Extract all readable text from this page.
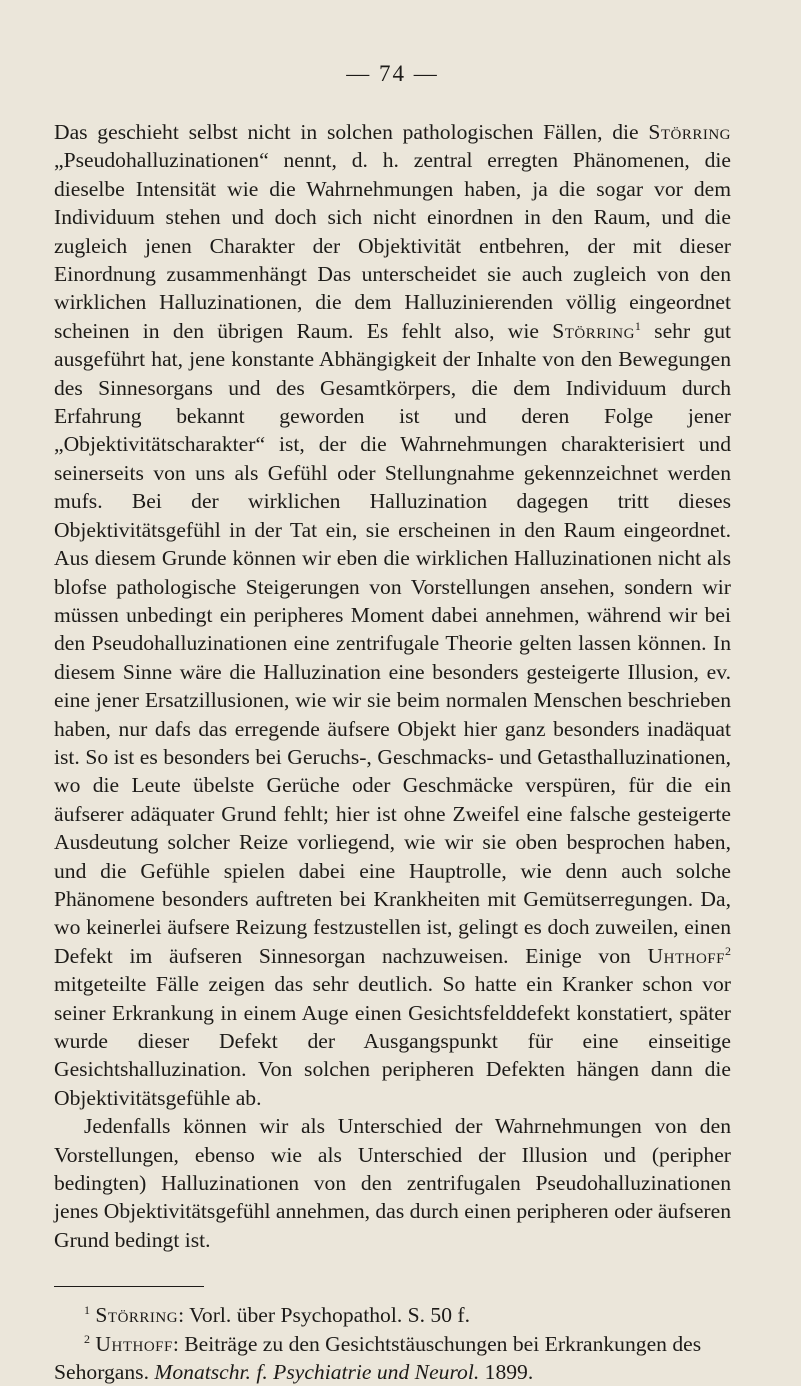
— 74 —

Das geschieht selbst nicht in solchen pathologischen Fällen, die Störring „Pseudohalluzinationen“ nennt, d. h. zentral erregten Phänomenen, die dieselbe Intensität wie die Wahrnehmungen haben, ja die sogar vor dem Individuum stehen und doch sich nicht einordnen in den Raum, und die zugleich jenen Charakter der Objektivität entbehren, der mit dieser Einordnung zusammenhängt Das unterscheidet sie auch zugleich von den wirklichen Halluzinationen, die dem Halluzinierenden völlig eingeordnet scheinen in den übrigen Raum. Es fehlt also, wie Störring$^1$ sehr gut ausgeführt hat, jene konstante Abhängigkeit der Inhalte von den Bewegungen des Sinnesorgans und des Gesamtkörpers, die dem Individuum durch Erfahrung bekannt geworden ist und deren Folge jener „Objektivitätscharakter“ ist, der die Wahrnehmungen charakterisiert und seinerseits von uns als Gefühl oder Stellungnahme gekennzeichnet werden mufs. Bei der wirklichen Halluzination dagegen tritt dieses Objektivitätsgefühl in der Tat ein, sie erscheinen in den Raum eingeordnet. Aus diesem Grunde können wir eben die wirklichen Halluzinationen nicht als blofse pathologische Steigerungen von Vorstellungen ansehen, sondern wir müssen unbedingt ein peripheres Moment dabei annehmen, während wir bei den Pseudohalluzinationen eine zentrifugale Theorie gelten lassen können. In diesem Sinne wäre die Halluzination eine besonders gesteigerte Illusion, ev. eine jener Ersatzillusionen, wie wir sie beim normalen Menschen beschrieben haben, nur dafs das erregende äufsere Objekt hier ganz besonders inadäquat ist. So ist es besonders bei Geruchs-, Geschmacks- und Getasthalluzinationen, wo die Leute übelste Gerüche oder Geschmäcke verspüren, für die ein äufserer adäquater Grund fehlt; hier ist ohne Zweifel eine falsche gesteigerte Ausdeutung solcher Reize vorliegend, wie wir sie oben besprochen haben, und die Gefühle spielen dabei eine Hauptrolle, wie denn auch solche Phänomene besonders auftreten bei Krankheiten mit Gemütserregungen. Da, wo keinerlei äufsere Reizung festzustellen ist, gelingt es doch zuweilen, einen Defekt im äufseren Sinnesorgan nachzuweisen. Einige von Uhthoff$^2$ mitgeteilte Fälle zeigen das sehr deutlich. So hatte ein Kranker schon vor seiner Erkrankung in einem Auge einen Gesichtsfelddefekt konstatiert, später wurde dieser Defekt der Ausgangspunkt für eine einseitige Gesichtshalluzination. Von solchen peripheren Defekten hängen dann die Objektivitätsgefühle ab.

Jedenfalls können wir als Unterschied der Wahrnehmungen von den Vorstellungen, ebenso wie als Unterschied der Illusion und (peripher bedingten) Halluzinationen von den zentrifugalen Pseudohalluzinationen jenes Objektivitätsgefühl annehmen, das durch einen peripheren oder äufseren Grund bedingt ist.

$^1$ Störring: Vorl. über Psychopathol. S. 50 f.

$^2$ Uhthoff: Beiträge zu den Gesichtstäuschungen bei Erkrankungen des Sehorgans. Monatschr. f. Psychiatrie und Neurol. 1899.
